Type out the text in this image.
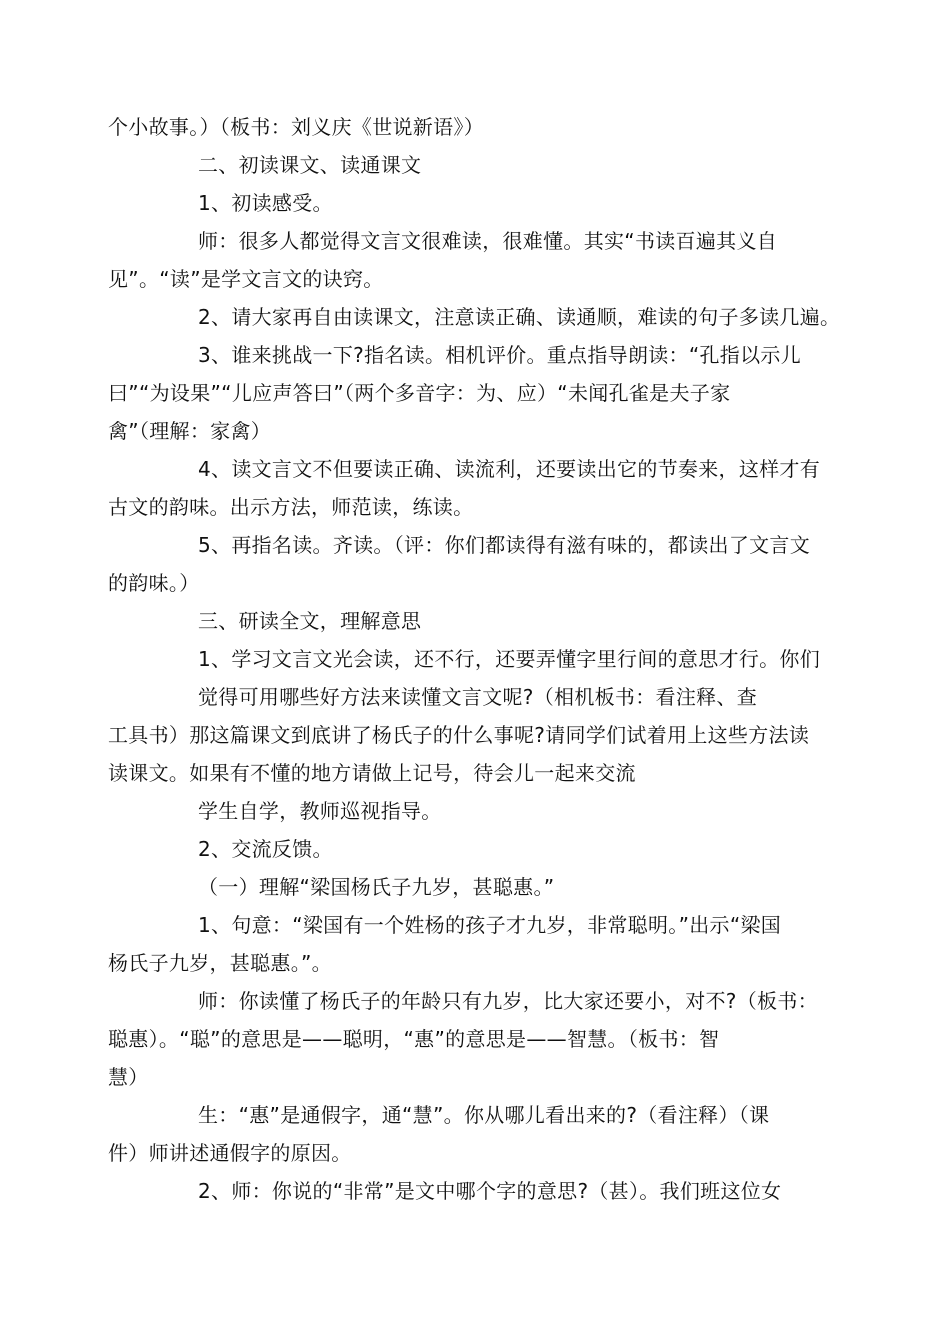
个小故事。）（板书：刘义庆《世说新语》）
二、初读课文、读通课文
1、初读感受。
师：很多人都觉得文言文很难读，很难懂。其实“书读百遍其义自
见”。“读”是学文言文的诀窍。
2、请大家再自由读课文，注意读正确、读通顺，难读的句子多读几遍。
3、谁来挑战一下?指名读。相机评价。重点指导朗读：“孔指以示儿
曰”“为设果”“儿应声答曰”（两个多音字：为、应）“未闻孔雀是夫子家
禽”（理解：家禽）
4、读文言文不但要读正确、读流利，还要读出它的节奏来，这样才有
古文的韵味。出示方法，师范读，练读。
5、再指名读。齐读。（评：你们都读得有滋有味的，都读出了文言文
的韵味。）
三、研读全文，理解意思
1、学习文言文光会读，还不行，还要弄懂字里行间的意思才行。你们
觉得可用哪些好方法来读懂文言文呢?（相机板书：看注释、查
工具书）那这篇课文到底讲了杨氏子的什么事呢?请同学们试着用上这些方法读
读课文。如果有不懂的地方请做上记号，待会儿一起来交流
学生自学，教师巡视指导。
2、交流反馈。
（一）理解“梁国杨氏子九岁，甚聪惠。”
1、句意：“梁国有一个姓杨的孩子才九岁，非常聪明。”出示“梁国
杨氏子九岁，甚聪惠。”。
师：你读懂了杨氏子的年龄只有九岁，比大家还要小，对不?（板书：
聪惠）。“聪”的意思是——聪明，“惠”的意思是——智慧。（板书：智
慧）
生：“惠”是通假字，通“慧”。你从哪儿看出来的?（看注释）（课
件）师讲述通假字的原因。
2、师：你说的“非常”是文中哪个字的意思?（甚）。我们班这位女
